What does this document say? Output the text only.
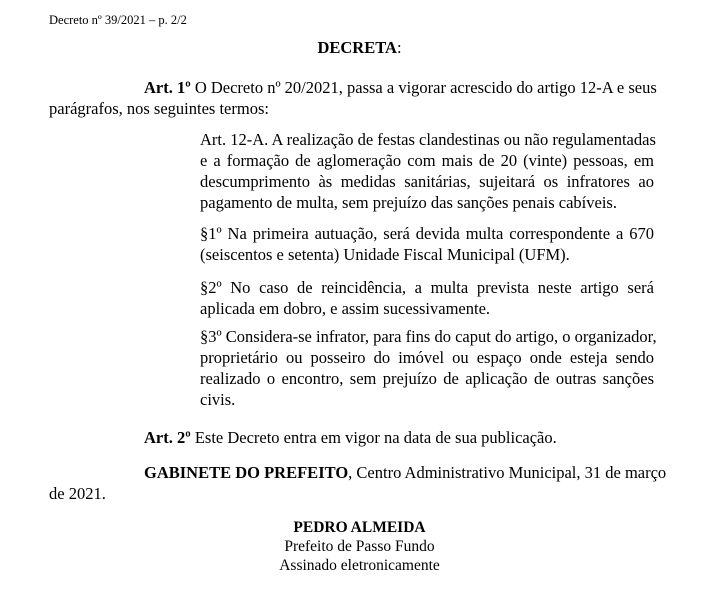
Decreto nº 39/2021 – p. 2/2
DECRETA:
Art. 1º O Decreto nº 20/2021, passa a vigorar acrescido do artigo 12-A e seus
parágrafos, nos seguintes termos:
Art. 12-A. A realização de festas clandestinas ou não regulamentadas
e a formação de aglomeração com mais de 20 (vinte) pessoas, em
descumprimento às medidas sanitárias, sujeitará os infratores ao
pagamento de multa, sem prejuízo das sanções penais cabíveis.
§1º Na primeira autuação, será devida multa correspondente a 670
(seiscentos e setenta) Unidade Fiscal Municipal (UFM).
§2º No caso de reincidência, a multa prevista neste artigo será
aplicada em dobro, e assim sucessivamente.
§3º Considera-se infrator, para fins do caput do artigo, o organizador,
proprietário ou posseiro do imóvel ou espaço onde esteja sendo
realizado o encontro, sem prejuízo de aplicação de outras sanções
civis.
Art. 2º Este Decreto entra em vigor na data de sua publicação.
GABINETE DO PREFEITO, Centro Administrativo Municipal, 31 de março
de 2021.
PEDRO ALMEIDA
Prefeito de Passo Fundo
Assinado eletronicamente
